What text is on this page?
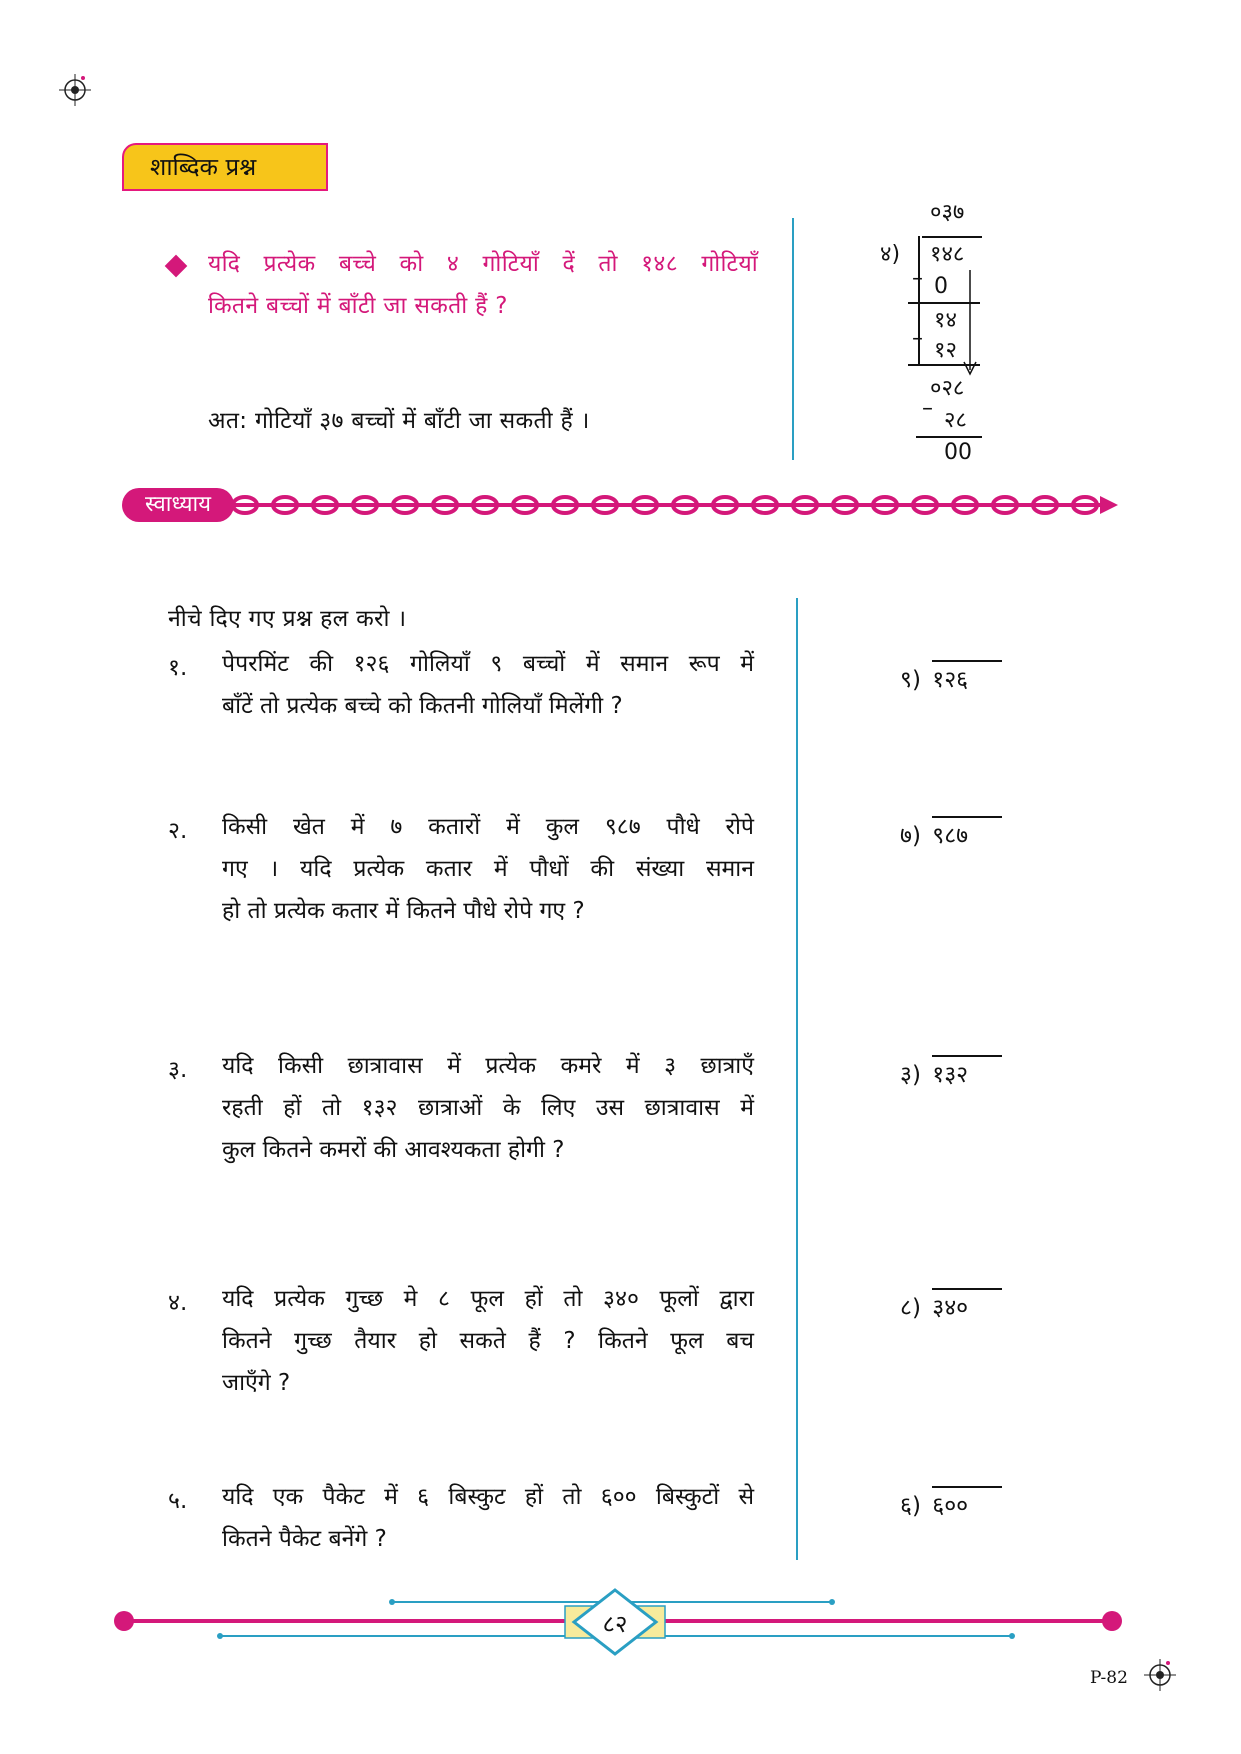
शाब्दिक प्रश्न
यदि प्रत्येक बच्चे को ४ गोटियाँ दें तो १४८ गोटियाँ
कितने बच्चों में बाँटी जा सकती हैं ?
अत: गोटियाँ ३७ बच्चों में बाँटी जा सकती हैं ।
०३७
४) १४८
– 0
१४
– १२
०२८
– २८
00
स्वाध्याय
नीचे दिए गए प्रश्न हल करो ।
१. पेपरमिंट की १२६ गोलियाँ ९ बच्चों में समान रूप में
बाँटें तो प्रत्येक बच्चे को कितनी गोलियाँ मिलेंगी ?
९) १२६
२. किसी खेत में ७ कतारों में कुल ९८७ पौधे रोपे
गए । यदि प्रत्येक कतार में पौधों की संख्या समान
हो तो प्रत्येक कतार में कितने पौधे रोपे गए ?
७) ९८७
३. यदि किसी छात्रावास में प्रत्येक कमरे में ३ छात्राएँ
रहती हों तो १३२ छात्राओं के लिए उस छात्रावास में
कुल कितने कमरों की आवश्यकता होगी ?
३) १३२
४. यदि प्रत्येक गुच्छ मे ८ फूल हों तो ३४० फूलों द्वारा
कितने गुच्छ तैयार हो सकते हैं ? कितने फूल बच
जाएँगे ?
८) ३४०
५. यदि एक पैकेट में ६ बिस्कुट हों तो ६०० बिस्कुटों से
कितने पैकेट बनेंगे ?
६) ६००
८२
P-82
